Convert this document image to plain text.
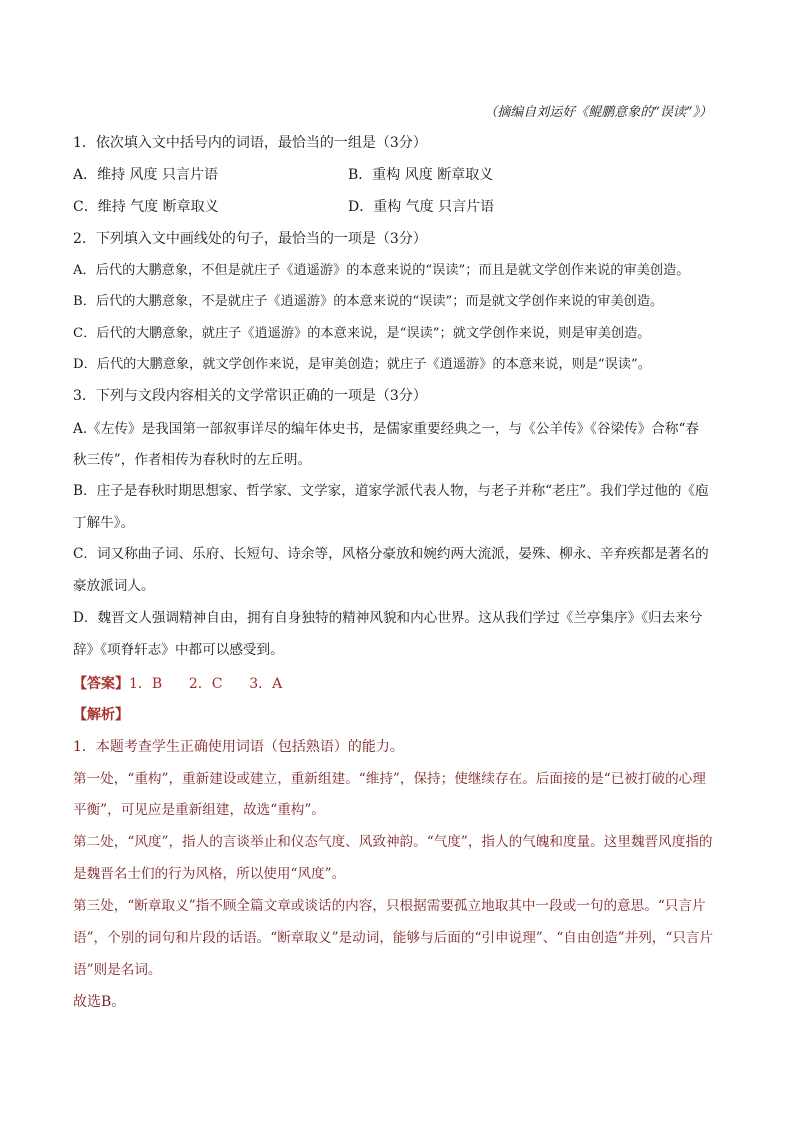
（摘编自刘运好《鲲鹏意象的“误读”》）
1．依次填入文中括号内的词语，最恰当的一组是（3分）
A．维持 风度 只言片语	B．重构 风度 断章取义
C．维持 气度 断章取义	D．重构 气度 只言片语
2．下列填入文中画线处的句子，最恰当的一项是（3分）
A．后代的大鹏意象，不但是就庄子《逍遥游》的本意来说的“误读”；而且是就文学创作来说的审美创造。
B．后代的大鹏意象，不是就庄子《逍遥游》的本意来说的“误读”；而是就文学创作来说的审美创造。
C．后代的大鹏意象，就庄子《逍遥游》的本意来说，是“误读”；就文学创作来说，则是审美创造。
D．后代的大鹏意象，就文学创作来说，是审美创造；就庄子《逍遥游》的本意来说，则是“误读”。
3．下列与文段内容相关的文学常识正确的一项是（3分）
A.《左传》是我国第一部叙事详尽的编年体史书，是儒家重要经典之一，与《公羊传》《谷梁传》合称“春
秋三传”，作者相传为春秋时的左丘明。
B．庄子是春秋时期思想家、哲学家、文学家，道家学派代表人物，与老子并称“老庄”。我们学过他的《庖
丁解牛》。
C．词又称曲子词、乐府、长短句、诗余等，风格分豪放和婉约两大流派，晏殊、柳永、辛弃疾都是著名的
豪放派词人。
D．魏晋文人强调精神自由，拥有自身独特的精神风貌和内心世界。这从我们学过《兰亭集序》《归去来兮
辞》《项脊轩志》中都可以感受到。
【答案】1．B      2．C      3．A
【解析】
1．本题考查学生正确使用词语（包括熟语）的能力。
第一处，“重构”，重新建设或建立，重新组建。“维持”，保持；使继续存在。后面接的是“已被打破的心理
平衡”，可见应是重新组建，故选“重构”。
第二处，“风度”，指人的言谈举止和仪态气度、风致神韵。“气度”，指人的气魄和度量。这里魏晋风度指的
是魏晋名士们的行为风格，所以使用“风度”。
第三处，“断章取义”指不顾全篇文章或谈话的内容，只根据需要孤立地取其中一段或一句的意思。“只言片
语”，个别的词句和片段的话语。“断章取义”是动词，能够与后面的“引申说理”、“自由创造”并列，“只言片
语”则是名词。
故选B。
